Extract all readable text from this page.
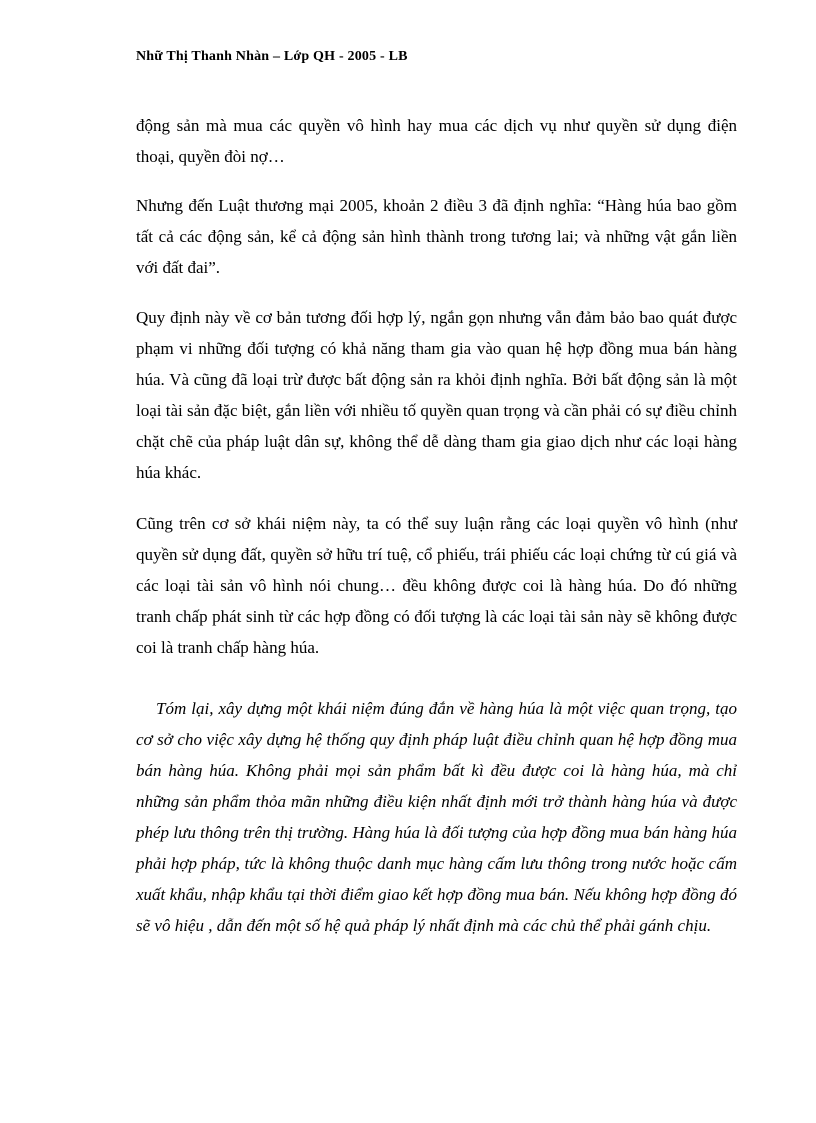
Nhữ Thị Thanh Nhàn – Lớp QH - 2005 - LB

động sản mà mua các quyền vô hình hay mua các dịch vụ như quyền sử dụng điện thoại, quyền đòi nợ…

Nhưng đến Luật thương mại 2005, khoản 2 điều 3 đã định nghĩa: “Hàng húa bao gồm tất cả các động sản, kể cả động sản hình thành trong tương lai; và những vật gắn liền với đất đai”.

Quy định này về cơ bản tương đối hợp lý, ngắn gọn nhưng vẫn đảm bảo bao quát được phạm vi những đối tượng có khả năng tham gia vào quan hệ hợp đồng mua bán hàng húa. Và cũng đã loại trừ được bất động sản ra khỏi định nghĩa. Bởi bất động sản là một loại tài sản đặc biệt, gắn liền với nhiều tố quyền quan trọng và cần phải có sự điều chỉnh chặt chẽ của pháp luật dân sự, không thể dễ dàng tham gia giao dịch như các loại hàng húa khác.

Cũng trên cơ sở khái niệm này, ta có thể suy luận rằng các loại quyền vô hình (như quyền sử dụng đất, quyền sở hữu trí tuệ, cổ phiếu, trái phiếu các loại chứng từ cú giá và các loại tài sản vô hình nói chung… đều không được coi là hàng húa. Do đó những tranh chấp phát sinh từ các hợp đồng có đối tượng là các loại tài sản này sẽ không được coi là tranh chấp hàng húa.

Tóm lại, xây dựng một khái niệm đúng đắn về hàng húa là một việc quan trọng, tạo cơ sở cho việc xây dựng hệ thống quy định pháp luật điều chỉnh quan hệ hợp đồng mua bán hàng húa. Không phải mọi sản phẩm bất kì đều được coi là hàng húa, mà chỉ những sản phẩm thỏa mãn những điều kiện nhất định mới trở thành hàng húa và được phép lưu thông trên thị trường. Hàng húa là đối tượng của hợp đồng mua bán hàng húa phải hợp pháp, tức là không thuộc danh mục hàng cấm lưu thông trong nước hoặc cấm xuất khẩu, nhập khẩu tại thời điểm giao kết hợp đồng mua bán. Nếu không hợp đồng đó sẽ vô hiệu , dẫn đến một số hệ quả pháp lý nhất định mà các chủ thể phải gánh chịu.
